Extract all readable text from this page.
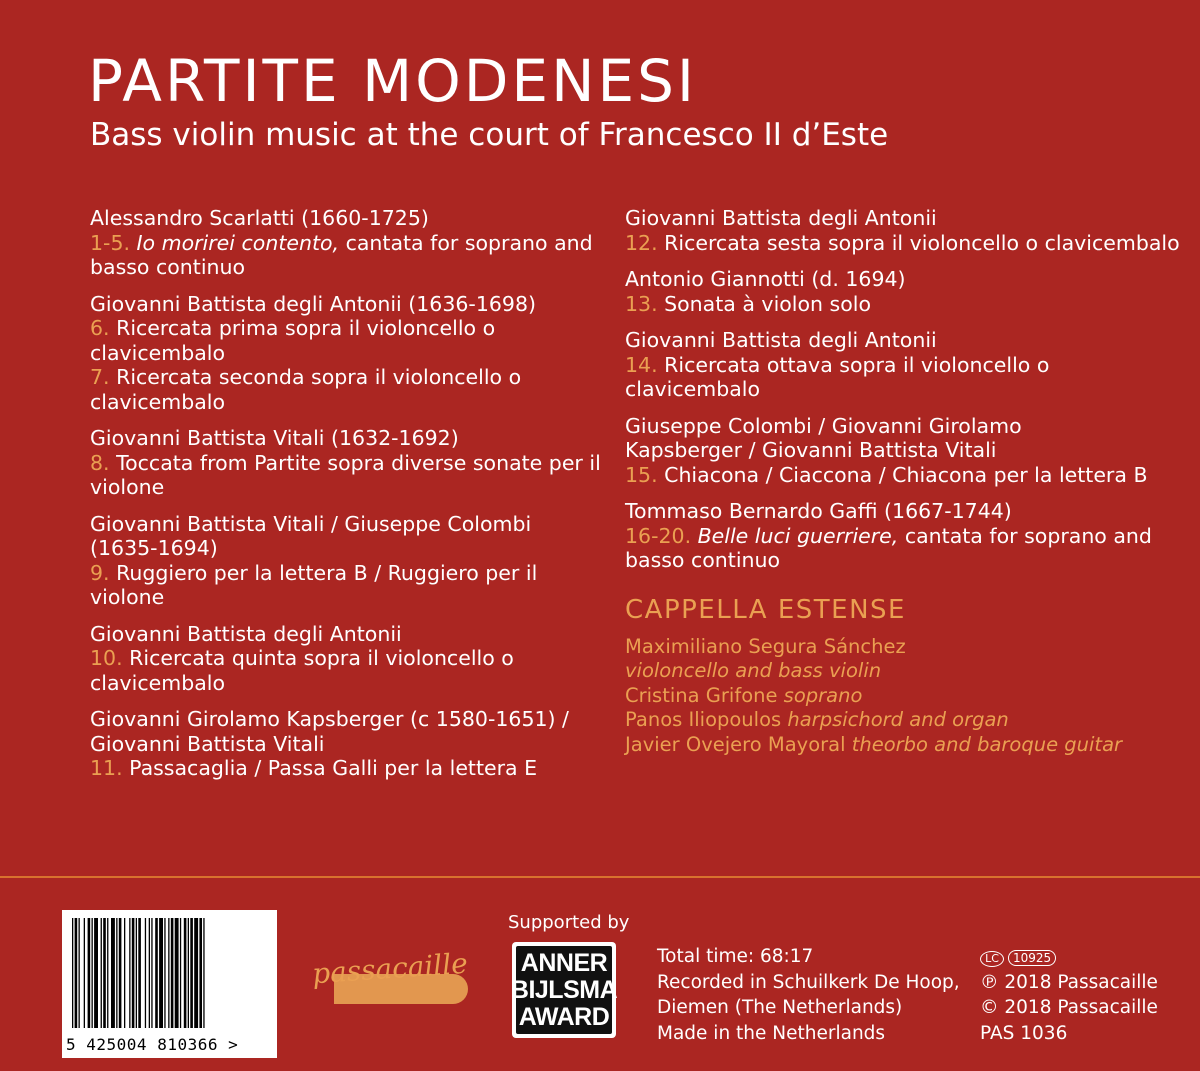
PARTITE MODENESI
Bass violin music at the court of Francesco II d’Este
Alessandro Scarlatti (1660-1725)
1-5. Io morirei contento, cantata for soprano and basso continuo
Giovanni Battista degli Antonii (1636-1698)
6. Ricercata prima sopra il violoncello o clavicembalo
7. Ricercata seconda sopra il violoncello o clavicembalo
Giovanni Battista Vitali (1632-1692)
8. Toccata from Partite sopra diverse sonate per il violone
Giovanni Battista Vitali / Giuseppe Colombi
(1635-1694)
9. Ruggiero per la lettera B / Ruggiero per il violone
Giovanni Battista degli Antonii
10. Ricercata quinta sopra il violoncello o clavicembalo
Giovanni Girolamo Kapsberger (c 1580-1651) /
Giovanni Battista Vitali
11. Passacaglia / Passa Galli per la lettera E
Giovanni Battista degli Antonii
12. Ricercata sesta sopra il violoncello o clavicembalo
Antonio Giannotti (d. 1694)
13. Sonata à violon solo
Giovanni Battista degli Antonii
14. Ricercata ottava sopra il violoncello o clavicembalo
Giuseppe Colombi / Giovanni Girolamo
Kapsberger / Giovanni Battista Vitali
15. Chiacona / Ciaccona / Chiacona per la lettera B
Tommaso Bernardo Gaffi (1667-1744)
16-20. Belle luci guerriere, cantata for soprano and basso continuo
CAPPELLA ESTENSE
Maximiliano Segura Sánchez
violoncello and bass violin
Cristina Grifone soprano
Panos Iliopoulos harpsichord and organ
Javier Ovejero Mayoral theorbo and baroque guitar
5 425004 810366 >
passacaille
Supported by
ANNER
BIJLSMA
AWARD
Total time: 68:17
Recorded in Schuilkerk De Hoop,
Diemen (The Netherlands)
Made in the Netherlands
LC 10925
℗ 2018 Passacaille
© 2018 Passacaille
PAS 1036
